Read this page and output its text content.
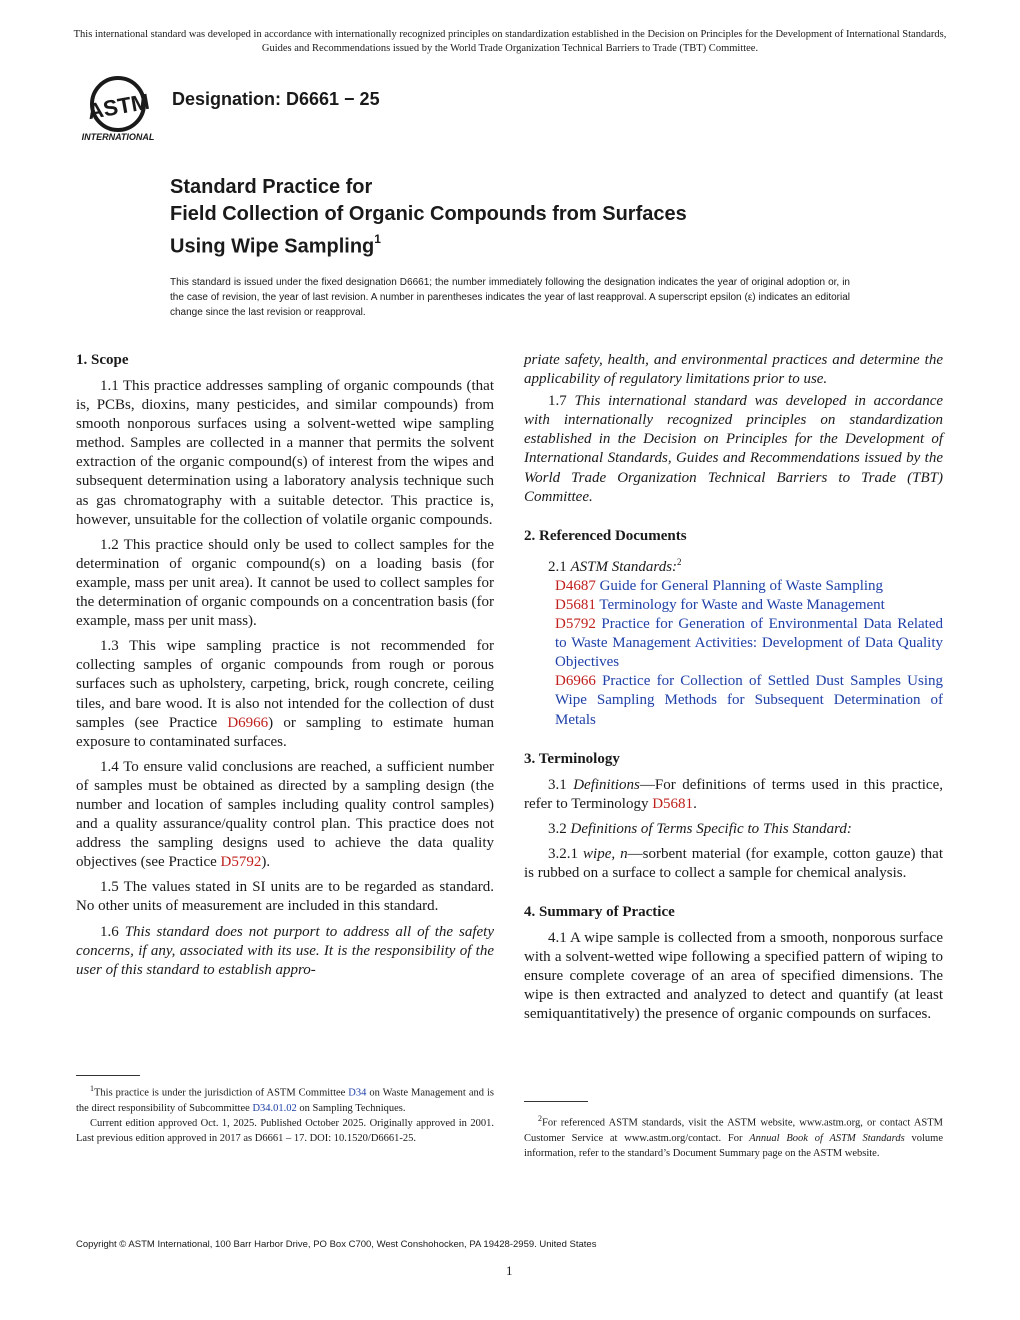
This international standard was developed in accordance with internationally recognized principles on standardization established in the Decision on Principles for the Development of International Standards, Guides and Recommendations issued by the World Trade Organization Technical Barriers to Trade (TBT) Committee.
ASTM
INTERNATIONAL
Designation: D6661 − 25
Standard Practice for
Field Collection of Organic Compounds from Surfaces
Using Wipe Sampling$^1$
This standard is issued under the fixed designation D6661; the number immediately following the designation indicates the year of original adoption or, in the case of revision, the year of last revision. A number in parentheses indicates the year of last reapproval. A superscript epsilon (ε) indicates an editorial change since the last revision or reapproval.
1. Scope

1.1 This practice addresses sampling of organic compounds (that is, PCBs, dioxins, many pesticides, and similar compounds) from smooth nonporous surfaces using a solvent-wetted wipe sampling method. Samples are collected in a manner that permits the solvent extraction of the organic compound(s) of interest from the wipes and subsequent determination using a laboratory analysis technique such as gas chromatography with a suitable detector. This practice is, however, unsuitable for the collection of volatile organic compounds.

1.2 This practice should only be used to collect samples for the determination of organic compound(s) on a loading basis (for example, mass per unit area). It cannot be used to collect samples for the determination of organic compounds on a concentration basis (for example, mass per unit mass).

1.3 This wipe sampling practice is not recommended for collecting samples of organic compounds from rough or porous surfaces such as upholstery, carpeting, brick, rough concrete, ceiling tiles, and bare wood. It is also not intended for the collection of dust samples (see Practice D6966) or sampling to estimate human exposure to contaminated surfaces.

1.4 To ensure valid conclusions are reached, a sufficient number of samples must be obtained as directed by a sampling design (the number and location of samples including quality control samples) and a quality assurance/quality control plan. This practice does not address the sampling designs used to achieve the data quality objectives (see Practice D5792).

1.5 The values stated in SI units are to be regarded as standard. No other units of measurement are included in this standard.

1.6 This standard does not purport to address all of the safety concerns, if any, associated with its use. It is the responsibility of the user of this standard to establish appro-

priate safety, health, and environmental practices and determine the applicability of regulatory limitations prior to use.

1.7 This international standard was developed in accordance with internationally recognized principles on standardization established in the Decision on Principles for the Development of International Standards, Guides and Recommendations issued by the World Trade Organization Technical Barriers to Trade (TBT) Committee.

2. Referenced Documents

2.1 ASTM Standards:$^2$

D4687 Guide for General Planning of Waste Sampling

D5681 Terminology for Waste and Waste Management

D5792 Practice for Generation of Environmental Data Related to Waste Management Activities: Development of Data Quality Objectives

D6966 Practice for Collection of Settled Dust Samples Using Wipe Sampling Methods for Subsequent Determination of Metals

3. Terminology

3.1 Definitions—For definitions of terms used in this practice, refer to Terminology D5681.

3.2 Definitions of Terms Specific to This Standard:

3.2.1 wipe, n—sorbent material (for example, cotton gauze) that is rubbed on a surface to collect a sample for chemical analysis.

4. Summary of Practice

4.1 A wipe sample is collected from a smooth, nonporous surface with a solvent-wetted wipe following a specified pattern of wiping to ensure complete coverage of an area of specified dimensions. The wipe is then extracted and analyzed to detect and quantify (at least semiquantitatively) the presence of organic compounds on surfaces.

$^1$This practice is under the jurisdiction of ASTM Committee D34 on Waste Management and is the direct responsibility of Subcommittee D34.01.02 on Sampling Techniques.
Current edition approved Oct. 1, 2025. Published October 2025. Originally approved in 2001. Last previous edition approved in 2017 as D6661 – 17. DOI: 10.1520/D6661-25.
$^2$For referenced ASTM standards, visit the ASTM website, www.astm.org, or contact ASTM Customer Service at www.astm.org/contact. For Annual Book of ASTM Standards volume information, refer to the standard’s Document Summary page on the ASTM website.
Copyright © ASTM International, 100 Barr Harbor Drive, PO Box C700, West Conshohocken, PA 19428-2959. United States
1
